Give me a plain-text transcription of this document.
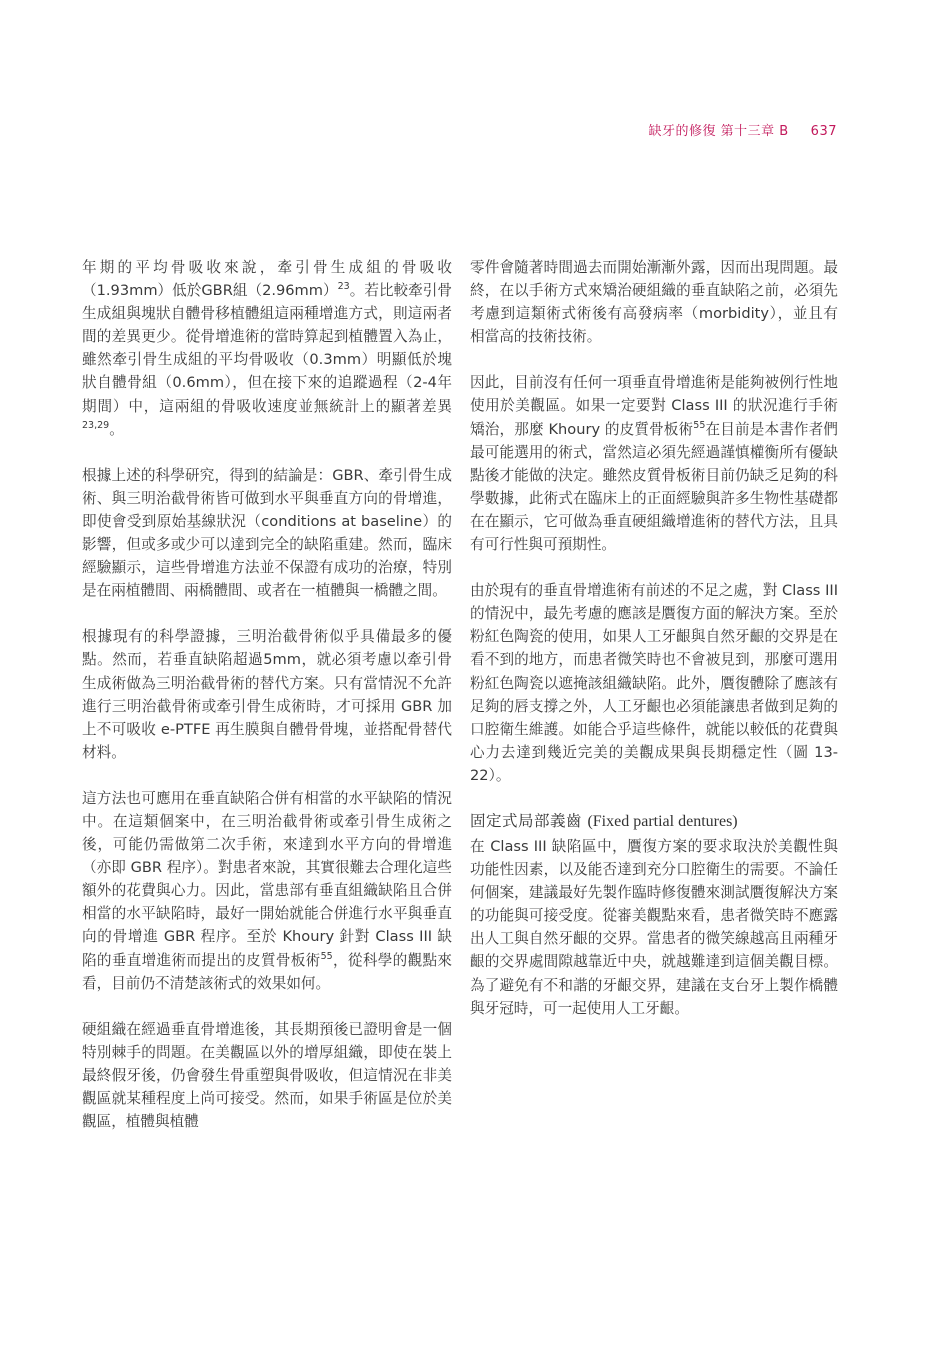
缺牙的修復 第十三章 B 637

年期的平均骨吸收來說，牽引骨生成組的骨吸收（1.93mm）低於GBR組$(2.96mm)^{23}$。若比較牽引骨生成組與塊狀自體骨移植體組這兩種增進方式，則這兩者間的差異更少。從骨增進術的當時算起到植體置入為止，雖然牽引骨生成組的平均骨吸收（0.3mm）明顯低於塊狀自體骨組（0.6mm），但在接下來的追蹤過程（2-4年期間）中，這兩組的骨吸收速度並無統計上的顯著差異$^{23,29}$。

根據上述的科學研究，得到的結論是：GBR、牽引骨生成術、與三明治截骨術皆可做到水平與垂直方向的骨增進，即使會受到原始基線狀況（conditions at baseline）的影響，但或多或少可以達到完全的缺陷重建。然而，臨床經驗顯示，這些骨增進方法並不保證有成功的治療，特別是在兩植體間、兩橋體間、或者在一植體與一橋體之間。

根據現有的科學證據，三明治截骨術似乎具備最多的優點。然而，若垂直缺陷超過5mm，就必須考慮以牽引骨生成術做為三明治截骨術的替代方案。只有當情況不允許進行三明治截骨術或牽引骨生成術時，才可採用 GBR 加上不可吸收 e-PTFE 再生膜與自體骨骨塊，並搭配骨替代材料。

這方法也可應用在垂直缺陷合併有相當的水平缺陷的情況中。在這類個案中，在三明治截骨術或牽引骨生成術之後，可能仍需做第二次手術，來達到水平方向的骨增進（亦即 GBR 程序）。對患者來說，其實很難去合理化這些額外的花費與心力。因此，當患部有垂直組織缺陷且合併相當的水平缺陷時，最好一開始就能合併進行水平與垂直向的骨增進 GBR 程序。至於 Khoury 針對 Class III 缺陷的垂直增進術而提出的皮質骨板術$^{55}$，從科學的觀點來看，目前仍不清楚該術式的效果如何。

硬組織在經過垂直骨增進後，其長期預後已證明會是一個特別棘手的問題。在美觀區以外的增厚組織，即使在裝上最終假牙後，仍會發生骨重塑與骨吸收，但這情況在非美觀區就某種程度上尚可接受。然而，如果手術區是位於美觀區，植體與植體

零件會隨著時間過去而開始漸漸外露，因而出現問題。最終，在以手術方式來矯治硬組織的垂直缺陷之前，必須先考慮到這類術式術後有高發病率（morbidity），並且有相當高的技術技術。

因此，目前沒有任何一項垂直骨增進術是能夠被例行性地使用於美觀區。如果一定要對 Class III 的狀況進行手術矯治，那麼 Khoury 的皮質骨板術$^{55}$在目前是本書作者們最可能選用的術式，當然這必須先經過謹慎權衡所有優缺點後才能做的決定。雖然皮質骨板術目前仍缺乏足夠的科學數據，此術式在臨床上的正面經驗與許多生物性基礎都在在顯示，它可做為垂直硬組織增進術的替代方法，且具有可行性與可預期性。

由於現有的垂直骨增進術有前述的不足之處，對 Class III 的情況中，最先考慮的應該是贋復方面的解決方案。至於粉紅色陶瓷的使用，如果人工牙齦與自然牙齦的交界是在看不到的地方，而患者微笑時也不會被見到，那麼可選用粉紅色陶瓷以遮掩該組織缺陷。此外，贋復體除了應該有足夠的唇支撐之外，人工牙齦也必須能讓患者做到足夠的口腔衛生維護。如能合乎這些條件，就能以較低的花費與心力去達到幾近完美的美觀成果與長期穩定性（圖 13-22）。

固定式局部義齒 (Fixed partial dentures)

在 Class III 缺陷區中，贋復方案的要求取決於美觀性與功能性因素，以及能否達到充分口腔衛生的需要。不論任何個案，建議最好先製作臨時修復體來測試贋復解決方案的功能與可接受度。從審美觀點來看，患者微笑時不應露出人工與自然牙齦的交界。當患者的微笑線越高且兩種牙齦的交界處間隙越靠近中央，就越難達到這個美觀目標。為了避免有不和諧的牙齦交界，建議在支台牙上製作橋體與牙冠時，可一起使用人工牙齦。
